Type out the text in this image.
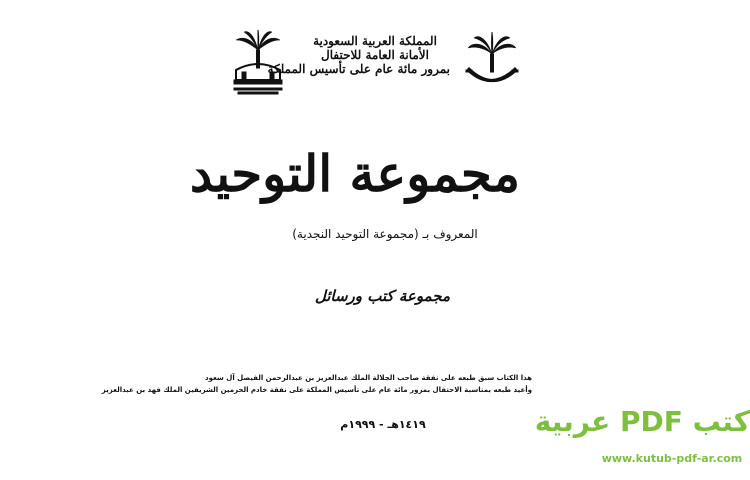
المملكة العربية السعودية
الأمانة العامة للاحتفال
بمرور مائة عام على تأسيس المملكة
مجموعة التوحيد
المعروف بـ (مجموعة التوحيد النجدية)
مجموعة كتب ورسائل
هذا الكتاب سبق طبعه على نفقة صاحب الجلالة الملك عبدالعزيز بن عبدالرحمن الفيصل آل سعود
وأعيد طبعه بمناسبة الاحتفال بمرور مائة عام على تأسيس المملكة على نفقة خادم الحرمين الشريفين الملك فهد بن عبدالعزيز
١٤١٩هـ - ١٩٩٩م	كتب PDF عربية
www.kutub-pdf-ar.com
